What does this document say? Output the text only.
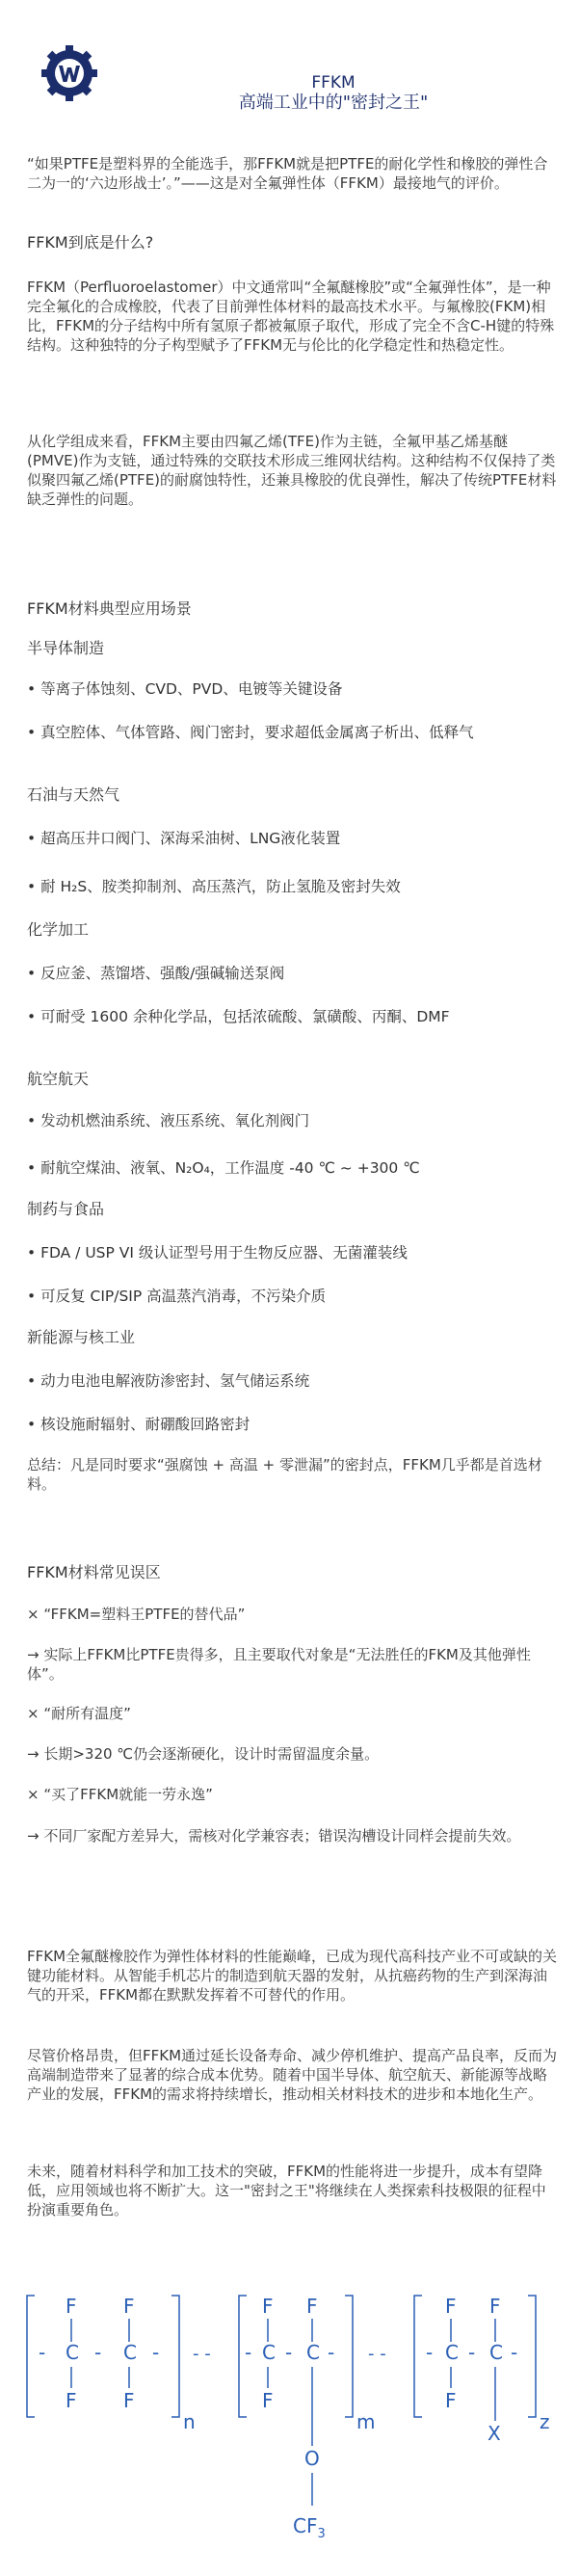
FFKM
高端工业中的"密封之王"

“如果PTFE是塑料界的全能选手，那FFKM就是把PTFE的耐化学性和橡胶的弹性合二为一的‘六边形战士’。”——这是对全氟弹性体（FFKM）最接地气的评价。

FFKM到底是什么?

FFKM（Perfluoroelastomer）中文通常叫“全氟醚橡胶”或“全氟弹性体”，是一种完全氟化的合成橡胶，代表了目前弹性体材料的最高技术水平。与氟橡胶(FKM)相比，FFKM的分子结构中所有氢原子都被氟原子取代，形成了完全不含C-H键的特殊结构。这种独特的分子构型赋予了FFKM无与伦比的化学稳定性和热稳定性。

从化学组成来看，FFKM主要由四氟乙烯(TFE)作为主链，全氟甲基乙烯基醚(PMVE)作为支链，通过特殊的交联技术形成三维网状结构。这种结构不仅保持了类似聚四氟乙烯(PTFE)的耐腐蚀特性，还兼具橡胶的优良弹性，解决了传统PTFE材料缺乏弹性的问题。

FFKM材料典型应用场景

半导体制造

• 等离子体蚀刻、CVD、PVD、电镀等关键设备

• 真空腔体、气体管路、阀门密封，要求超低金属离子析出、低释气

石油与天然气

• 超高压井口阀门、深海采油树、LNG液化装置

• 耐 H₂S、胺类抑制剂、高压蒸汽，防止氢脆及密封失效

化学加工

• 反应釜、蒸馏塔、强酸/强碱输送泵阀

• 可耐受 1600 余种化学品，包括浓硫酸、氯磺酸、丙酮、DMF

航空航天

• 发动机燃油系统、液压系统、氧化剂阀门

• 耐航空煤油、液氧、N₂O₄，工作温度 -40 ℃ ~ +300 ℃

制药与食品

• FDA / USP VI 级认证型号用于生物反应器、无菌灌装线

• 可反复 CIP/SIP 高温蒸汽消毒，不污染介质

新能源与核工业

• 动力电池电解液防渗密封、氢气储运系统

• 核设施耐辐射、耐硼酸回路密封

总结：凡是同时要求“强腐蚀 + 高温 + 零泄漏”的密封点，FFKM几乎都是首选材料。

FFKM材料常见误区

× “FFKM=塑料王PTFE的替代品”

→ 实际上FFKM比PTFE贵得多，且主要取代对象是“无法胜任的FKM及其他弹性体”。

× “耐所有温度”

→ 长期>320 ℃仍会逐渐硬化，设计时需留温度余量。

× “买了FFKM就能一劳永逸”

→ 不同厂家配方差异大，需核对化学兼容表；错误沟槽设计同样会提前失效。

FFKM全氟醚橡胶作为弹性体材料的性能巅峰，已成为现代高科技产业不可或缺的关键功能材料。从智能手机芯片的制造到航天器的发射，从抗癌药物的生产到深海油气的开采，FFKM都在默默发挥着不可替代的作用。

尽管价格昂贵，但FFKM通过延长设备寿命、减少停机维护、提高产品良率，反而为高端制造带来了显著的综合成本优势。随着中国半导体、航空航天、新能源等战略产业的发展，FFKM的需求将持续增长，推动相关材料技术的进步和本地化生产。

未来，随着材料科学和加工技术的突破，FFKM的性能将进一步提升，成本有望降低，应用领域也将不断扩大。这一"密封之王"将继续在人类探索科技极限的征程中扮演重要角色。

F F
- C - C -
F F
n
- -
F F
- C - C -
F
m
O
$CF_3$
- -
F F
- C - C -
F
X z
